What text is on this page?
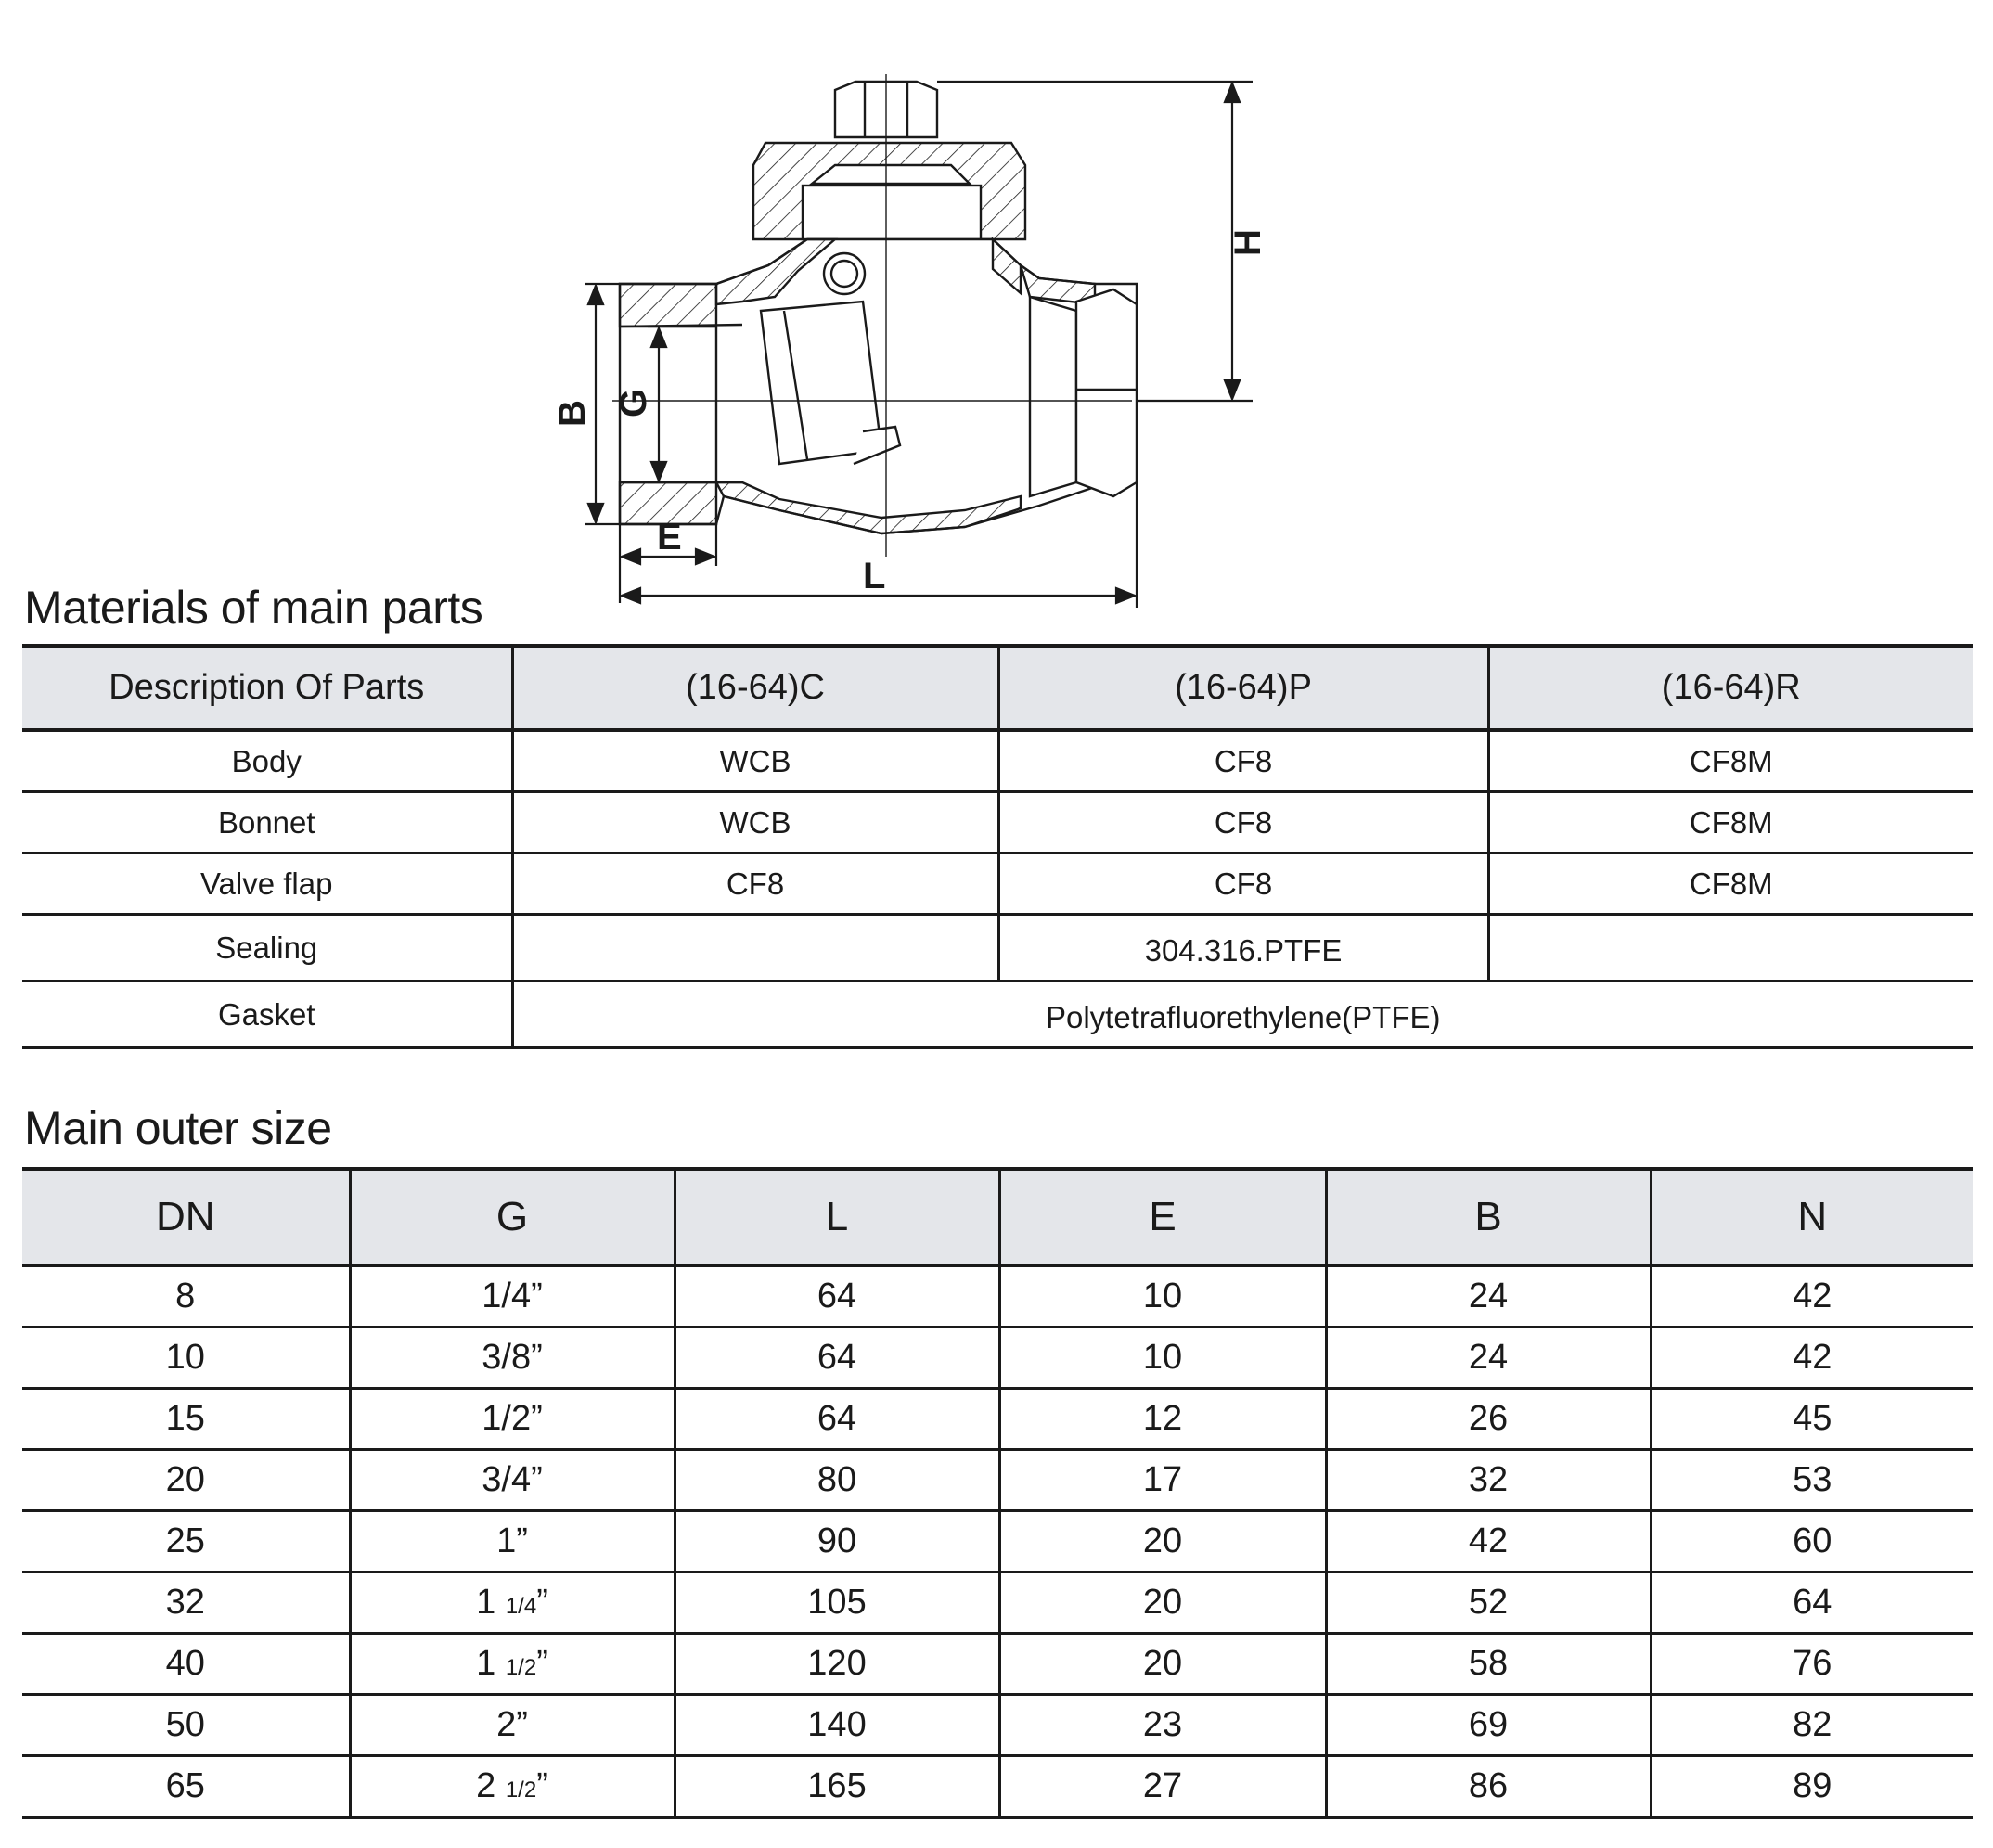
H
B G
E
L
Materials of main parts
Description Of Parts	(16-64)C	(16-64)P	(16-64)R
Body	WCB	CF8	CF8M
Bonnet	WCB	CF8	CF8M
Valve flap	CF8	CF8	CF8M
Sealing		304.316.PTFE	
Gasket	Polytetrafluorethylene(PTFE)		
Main outer size
DN	G	L	E	B	N
8	1/4”	64	10	24	42
10	3/8”	64	10	24	42
15	1/2”	64	12	26	45
20	3/4”	80	17	32	53
25	1”	90	20	42	60
32	1 1/4”	105	20	52	64
40	1 1/2”	120	20	58	76
50	2”	140	23	69	82
65	2 1/2”	165	27	86	89
